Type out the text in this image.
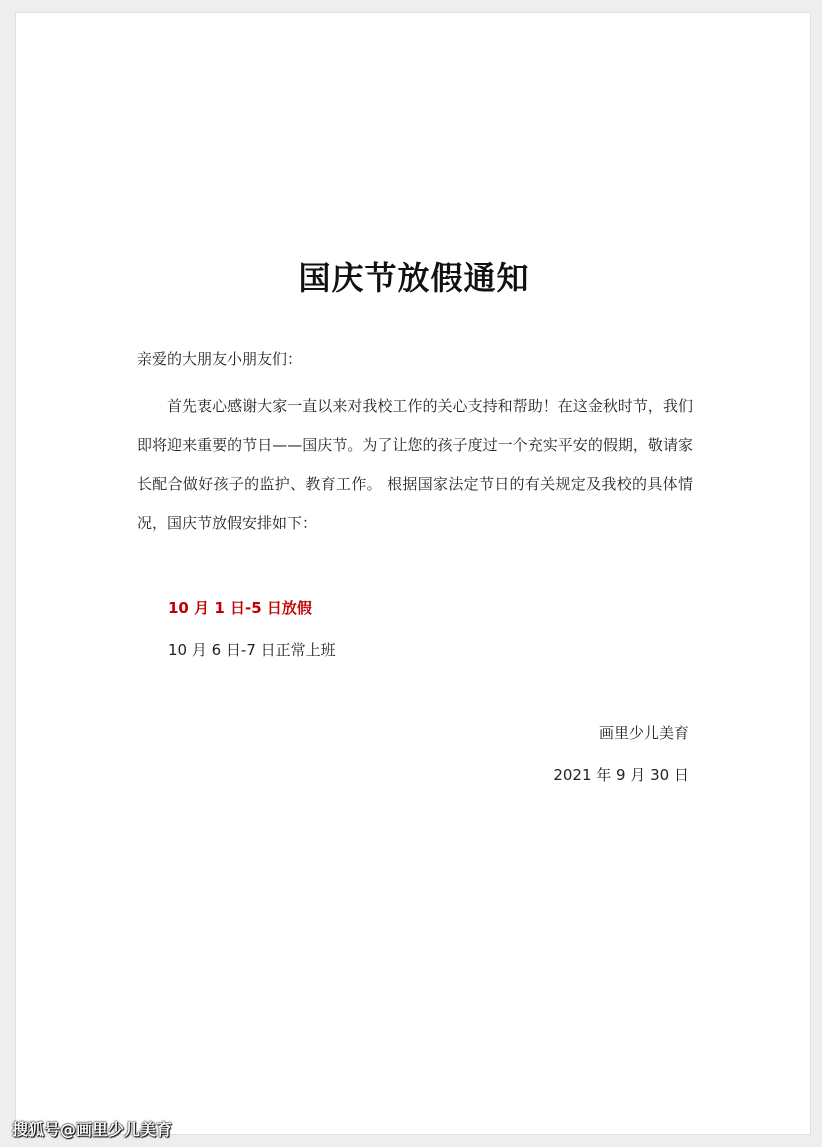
国庆节放假通知
亲爱的大朋友小朋友们：
首先衷心感谢大家一直以来对我校工作的关心支持和帮助！在这金秋时节，我们即将迎来重要的节日——国庆节。为了让您的孩子度过一个充实平安的假期，敬请家长配合做好孩子的监护、教育工作。 根据国家法定节日的有关规定及我校的具体情况，国庆节放假安排如下：
10 月 1 日-5 日放假
10 月 6 日-7 日正常上班
画里少儿美育
2021 年 9 月 30 日
搜狐号@画里少儿美育
